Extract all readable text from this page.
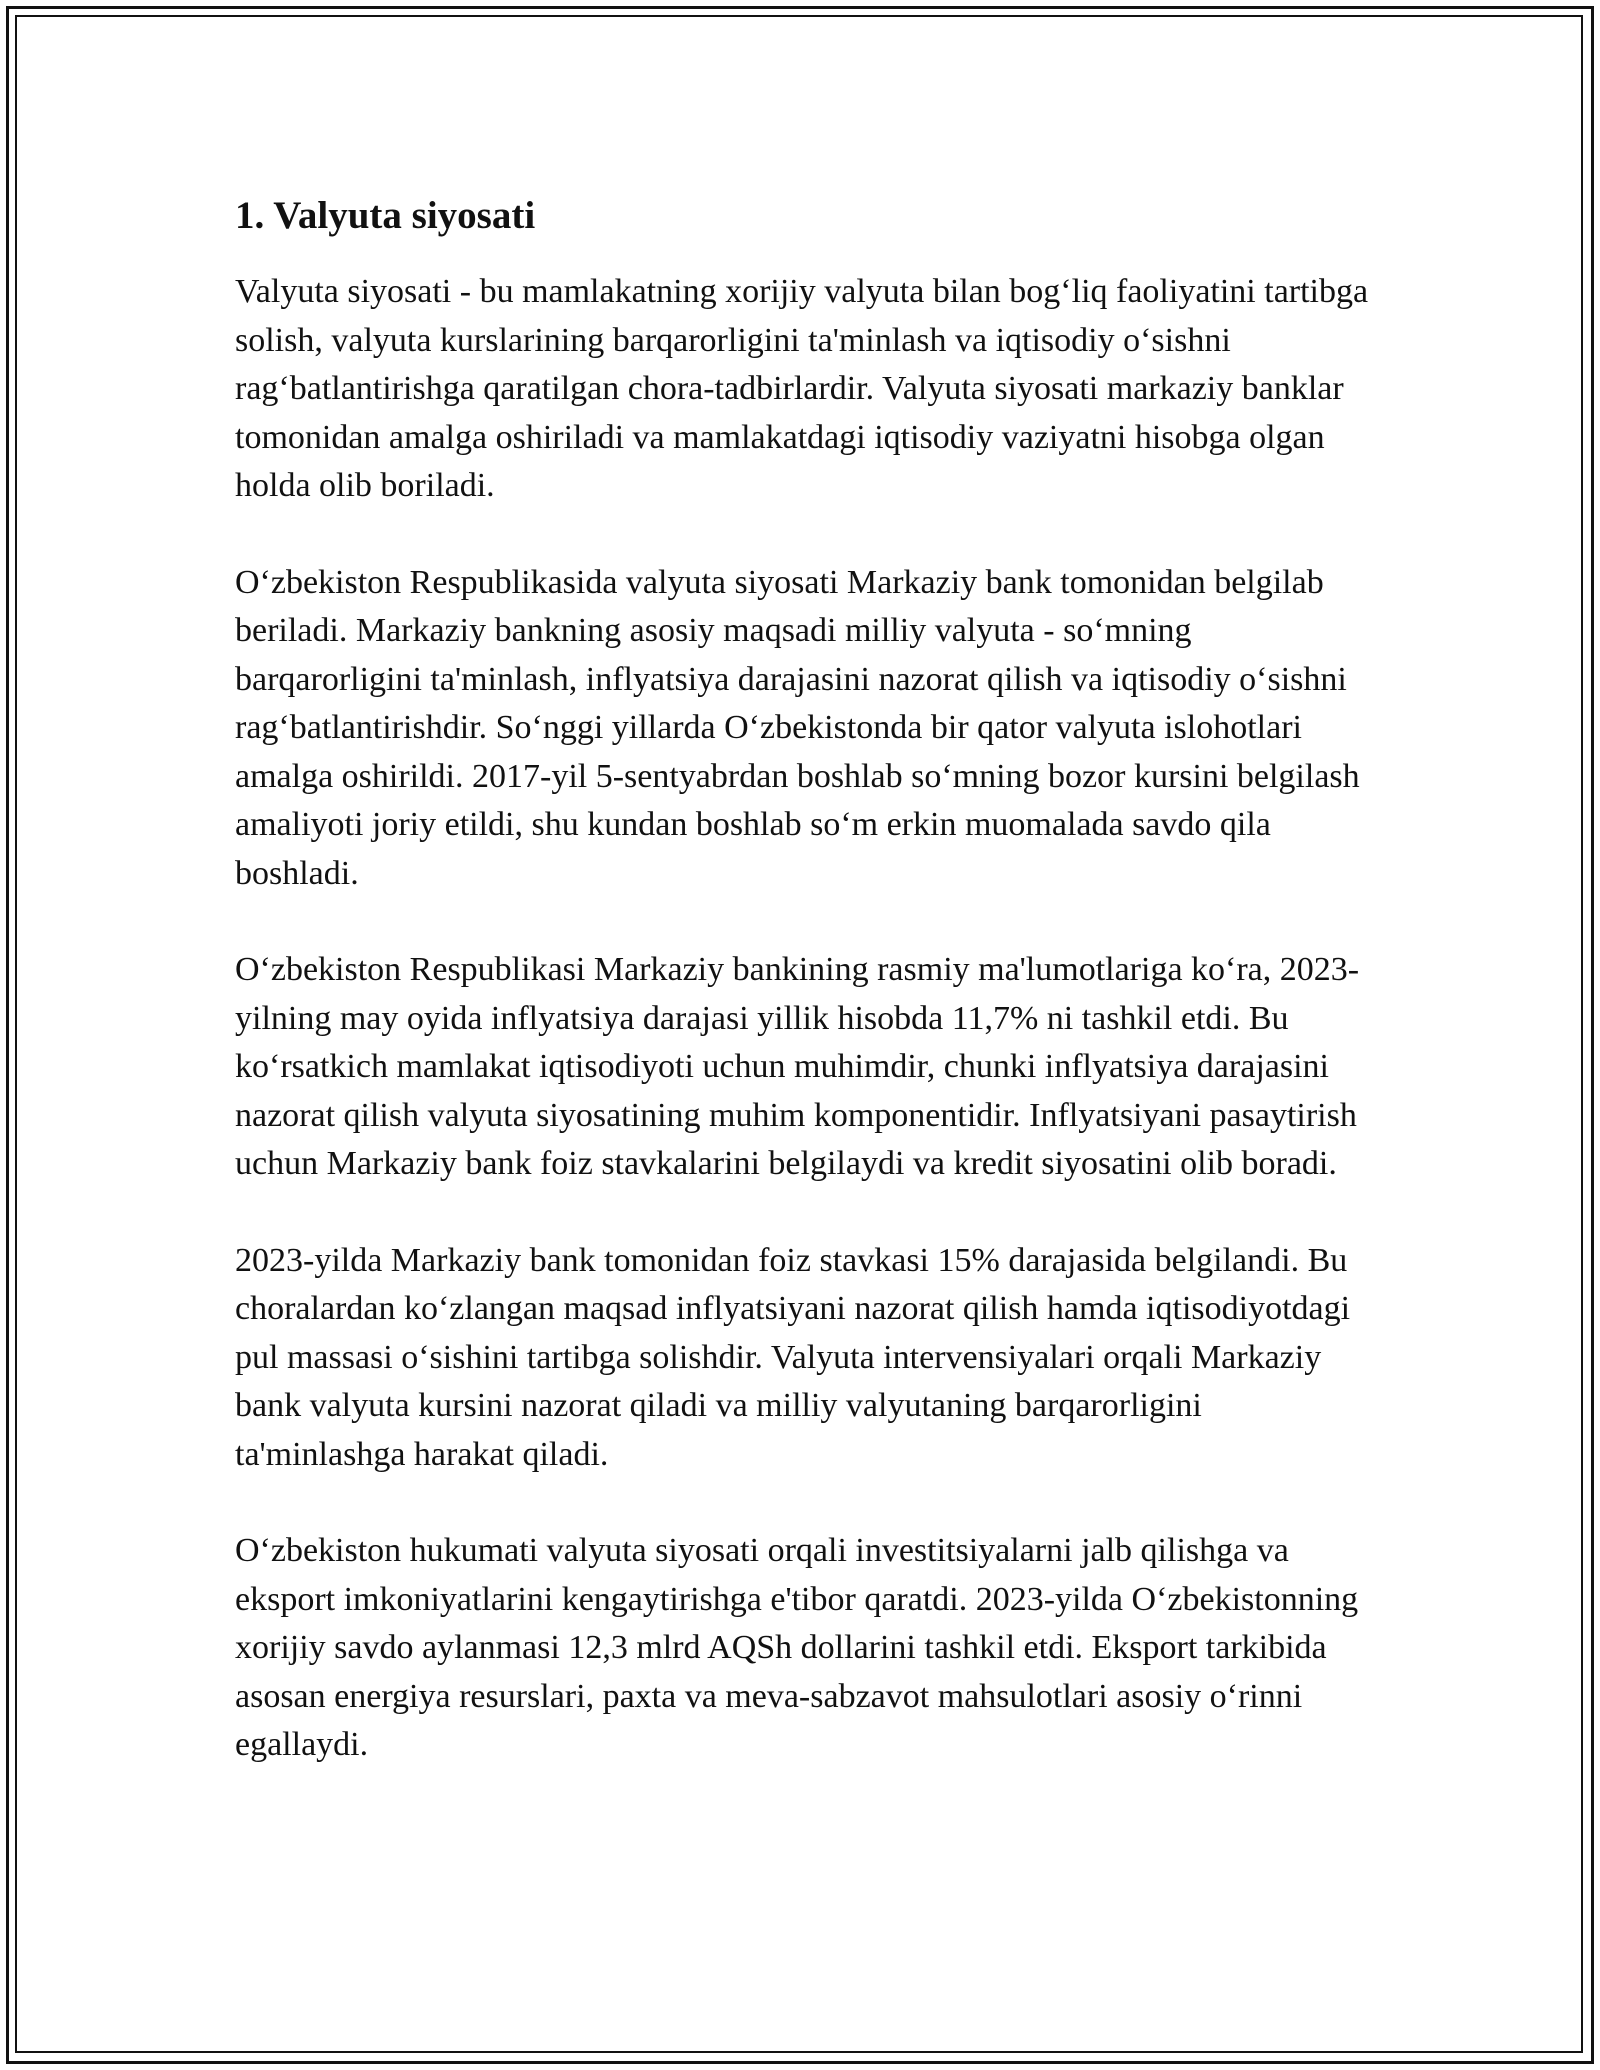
1. Valyuta siyosati

Valyuta siyosati - bu mamlakatning xorijiy valyuta bilan bog‘liq faoliyatini tartibga solish, valyuta kurslarining barqarorligini ta'minlash va iqtisodiy o‘sishni rag‘batlantirishga qaratilgan chora-tadbirlardir. Valyuta siyosati markaziy banklar tomonidan amalga oshiriladi va mamlakatdagi iqtisodiy vaziyatni hisobga olgan holda olib boriladi.

O‘zbekiston Respublikasida valyuta siyosati Markaziy bank tomonidan belgilab beriladi. Markaziy bankning asosiy maqsadi milliy valyuta - so‘mning barqarorligini ta'minlash, inflyatsiya darajasini nazorat qilish va iqtisodiy o‘sishni rag‘batlantirishdir. So‘nggi yillarda O‘zbekistonda bir qator valyuta islohotlari amalga oshirildi. 2017-yil 5-sentyabrdan boshlab so‘mning bozor kursini belgilash amaliyoti joriy etildi, shu kundan boshlab so‘m erkin muomalada savdo qila boshladi.

O‘zbekiston Respublikasi Markaziy bankining rasmiy ma'lumotlariga ko‘ra, 2023-yilning may oyida inflyatsiya darajasi yillik hisobda 11,7% ni tashkil etdi. Bu ko‘rsatkich mamlakat iqtisodiyoti uchun muhimdir, chunki inflyatsiya darajasini nazorat qilish valyuta siyosatining muhim komponentidir. Inflyatsiyani pasaytirish uchun Markaziy bank foiz stavkalarini belgilaydi va kredit siyosatini olib boradi.

2023-yilda Markaziy bank tomonidan foiz stavkasi 15% darajasida belgilandi. Bu choralardan ko‘zlangan maqsad inflyatsiyani nazorat qilish hamda iqtisodiyotdagi pul massasi o‘sishini tartibga solishdir. Valyuta intervensiyalari orqali Markaziy bank valyuta kursini nazorat qiladi va milliy valyutaning barqarorligini ta'minlashga harakat qiladi.

O‘zbekiston hukumati valyuta siyosati orqali investitsiyalarni jalb qilishga va eksport imkoniyatlarini kengaytirishga e'tibor qaratdi. 2023-yilda O‘zbekistonning xorijiy savdo aylanmasi 12,3 mlrd AQSh dollarini tashkil etdi. Eksport tarkibida asosan energiya resurslari, paxta va meva-sabzavot mahsulotlari asosiy o‘rinni egallaydi.
